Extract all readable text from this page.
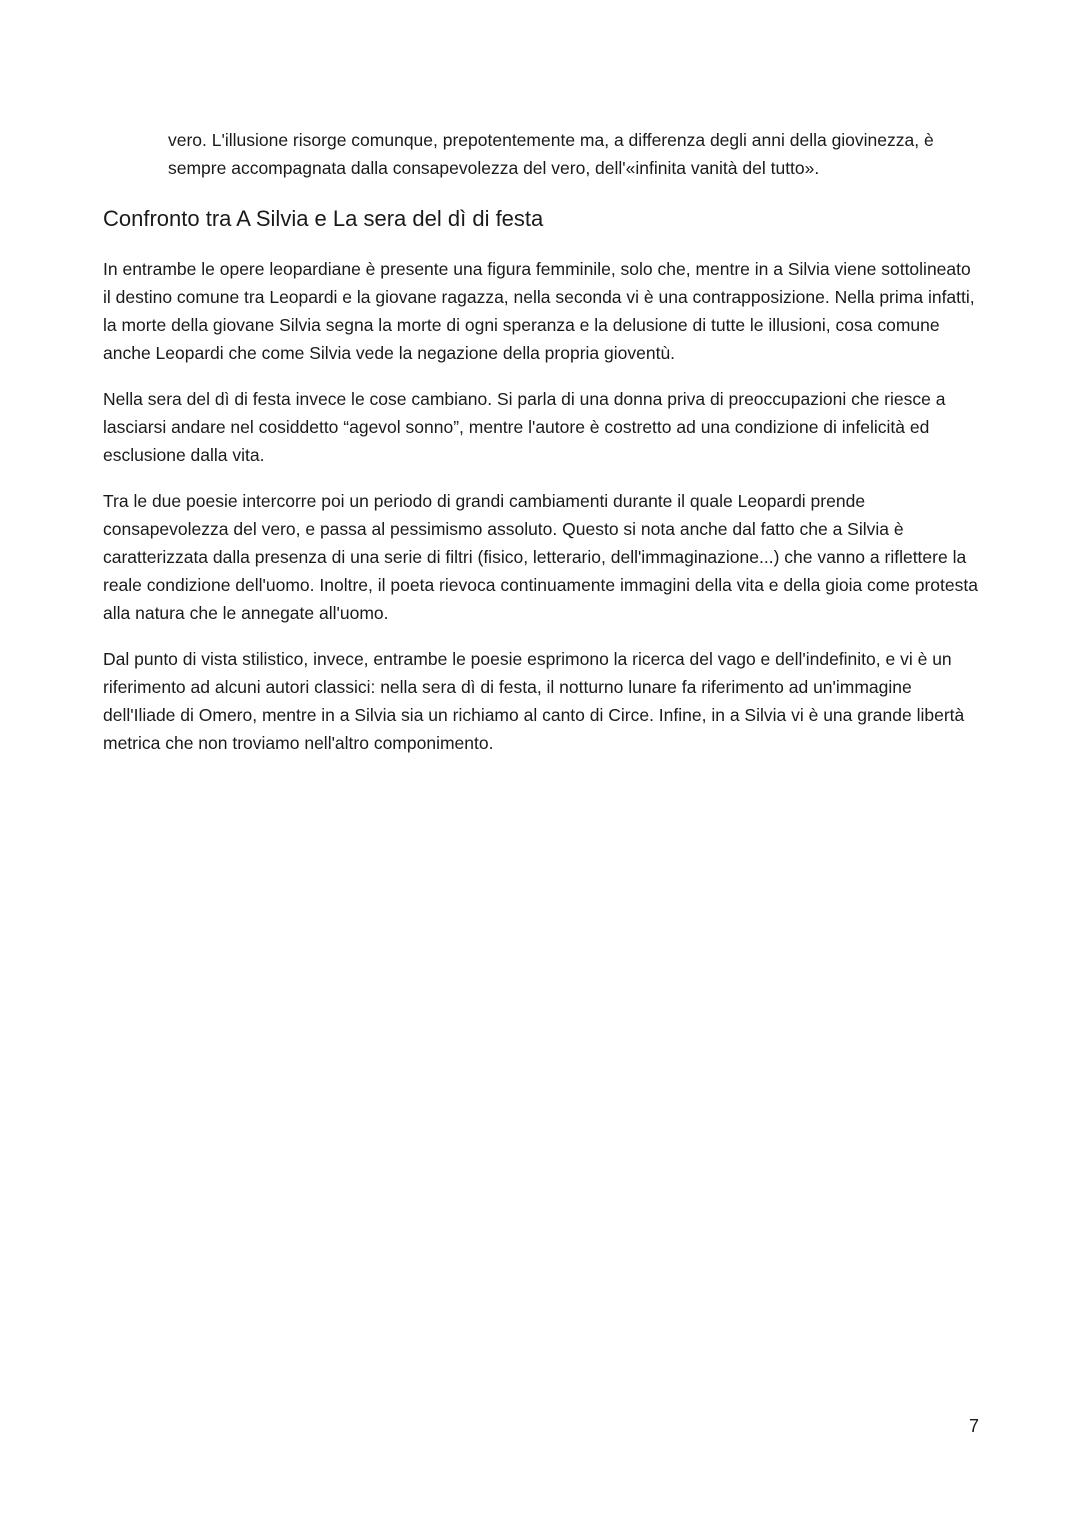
vero. L'illusione risorge comunque, prepotentemente ma, a differenza degli anni della giovinezza, è sempre accompagnata dalla consapevolezza del vero, dell'«infinita vanità del tutto».

Confronto tra A Silvia e La sera del dì di festa

In entrambe le opere leopardiane è presente una figura femminile, solo che, mentre in a Silvia viene sottolineato il destino comune tra Leopardi e la giovane ragazza, nella seconda vi è una contrapposizione. Nella prima infatti, la morte della giovane Silvia segna la morte di ogni speranza e la delusione di tutte le illusioni, cosa comune anche Leopardi che come Silvia vede la negazione della propria gioventù.

Nella sera del dì di festa invece le cose cambiano. Si parla di una donna priva di preoccupazioni che riesce a lasciarsi andare nel cosiddetto “agevol sonno”, mentre l'autore è costretto ad una condizione di infelicità ed esclusione dalla vita.

Tra le due poesie intercorre poi un periodo di grandi cambiamenti durante il quale Leopardi prende consapevolezza del vero, e passa al pessimismo assoluto. Questo si nota anche dal fatto che a Silvia è caratterizzata dalla presenza di una serie di filtri (fisico, letterario, dell'immaginazione...) che vanno a riflettere la reale condizione dell'uomo. Inoltre, il poeta rievoca continuamente immagini della vita e della gioia come protesta alla natura che le annegate all'uomo.

Dal punto di vista stilistico, invece, entrambe le poesie esprimono la ricerca del vago e dell'indefinito, e vi è un riferimento ad alcuni autori classici: nella sera dì di festa, il notturno lunare fa riferimento ad un'immagine dell'Iliade di Omero, mentre in a Silvia sia un richiamo al canto di Circe. Infine, in a Silvia vi è una grande libertà metrica che non troviamo nell'altro componimento.

7
